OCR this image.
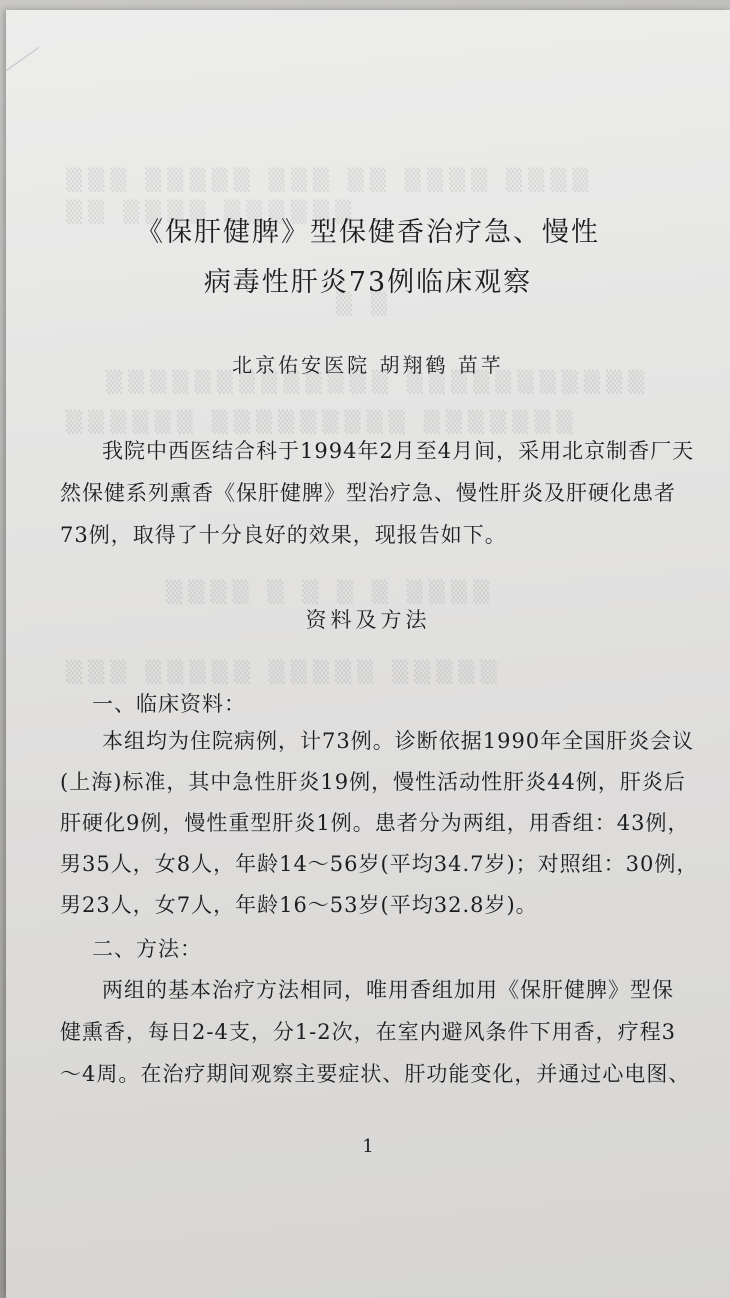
▒▒▒ ▒▒▒▒▒ ▒▒▒ ▒▒ ▒▒▒▒ ▒▒▒▒
▒▒ ▒▒▒▒ ▒▒▒▒▒▒
▒ ▒
▒▒▒▒▒▒▒▒▒▒▒▒▒ ▒▒▒▒▒▒▒▒▒▒▒
▒▒▒▒▒▒ ▒▒▒▒▒▒▒▒▒ ▒▒▒▒▒▒▒
▒▒▒▒ ▒ ▒ ▒ ▒ ▒▒▒▒
▒▒▒ ▒▒▒▒▒ ▒▒▒▒▒ ▒▒▒▒▒
《保肝健脾》型保健香治疗急、慢性
病毒性肝炎73例临床观察
北京佑安医院 胡翔鹤 苗芊
我院中西医结合科于1994年2月至4月间，采用北京制香厂天
然保健系列熏香《保肝健脾》型治疗急、慢性肝炎及肝硬化患者
73例，取得了十分良好的效果，现报告如下。
资料及方法
一、临床资料：
本组均为住院病例，计73例。诊断依据1990年全国肝炎会议
(上海)标准，其中急性肝炎19例，慢性活动性肝炎44例，肝炎后
肝硬化9例，慢性重型肝炎1例。患者分为两组，用香组：43例，
男35人，女8人，年龄14～56岁(平均34.7岁)；对照组：30例，
男23人，女7人，年龄16～53岁(平均32.8岁)。
二、方法：
两组的基本治疗方法相同，唯用香组加用《保肝健脾》型保
健熏香，每日2-4支，分1-2次，在室内避风条件下用香，疗程3
～4周。在治疗期间观察主要症状、肝功能变化，并通过心电图、
1
